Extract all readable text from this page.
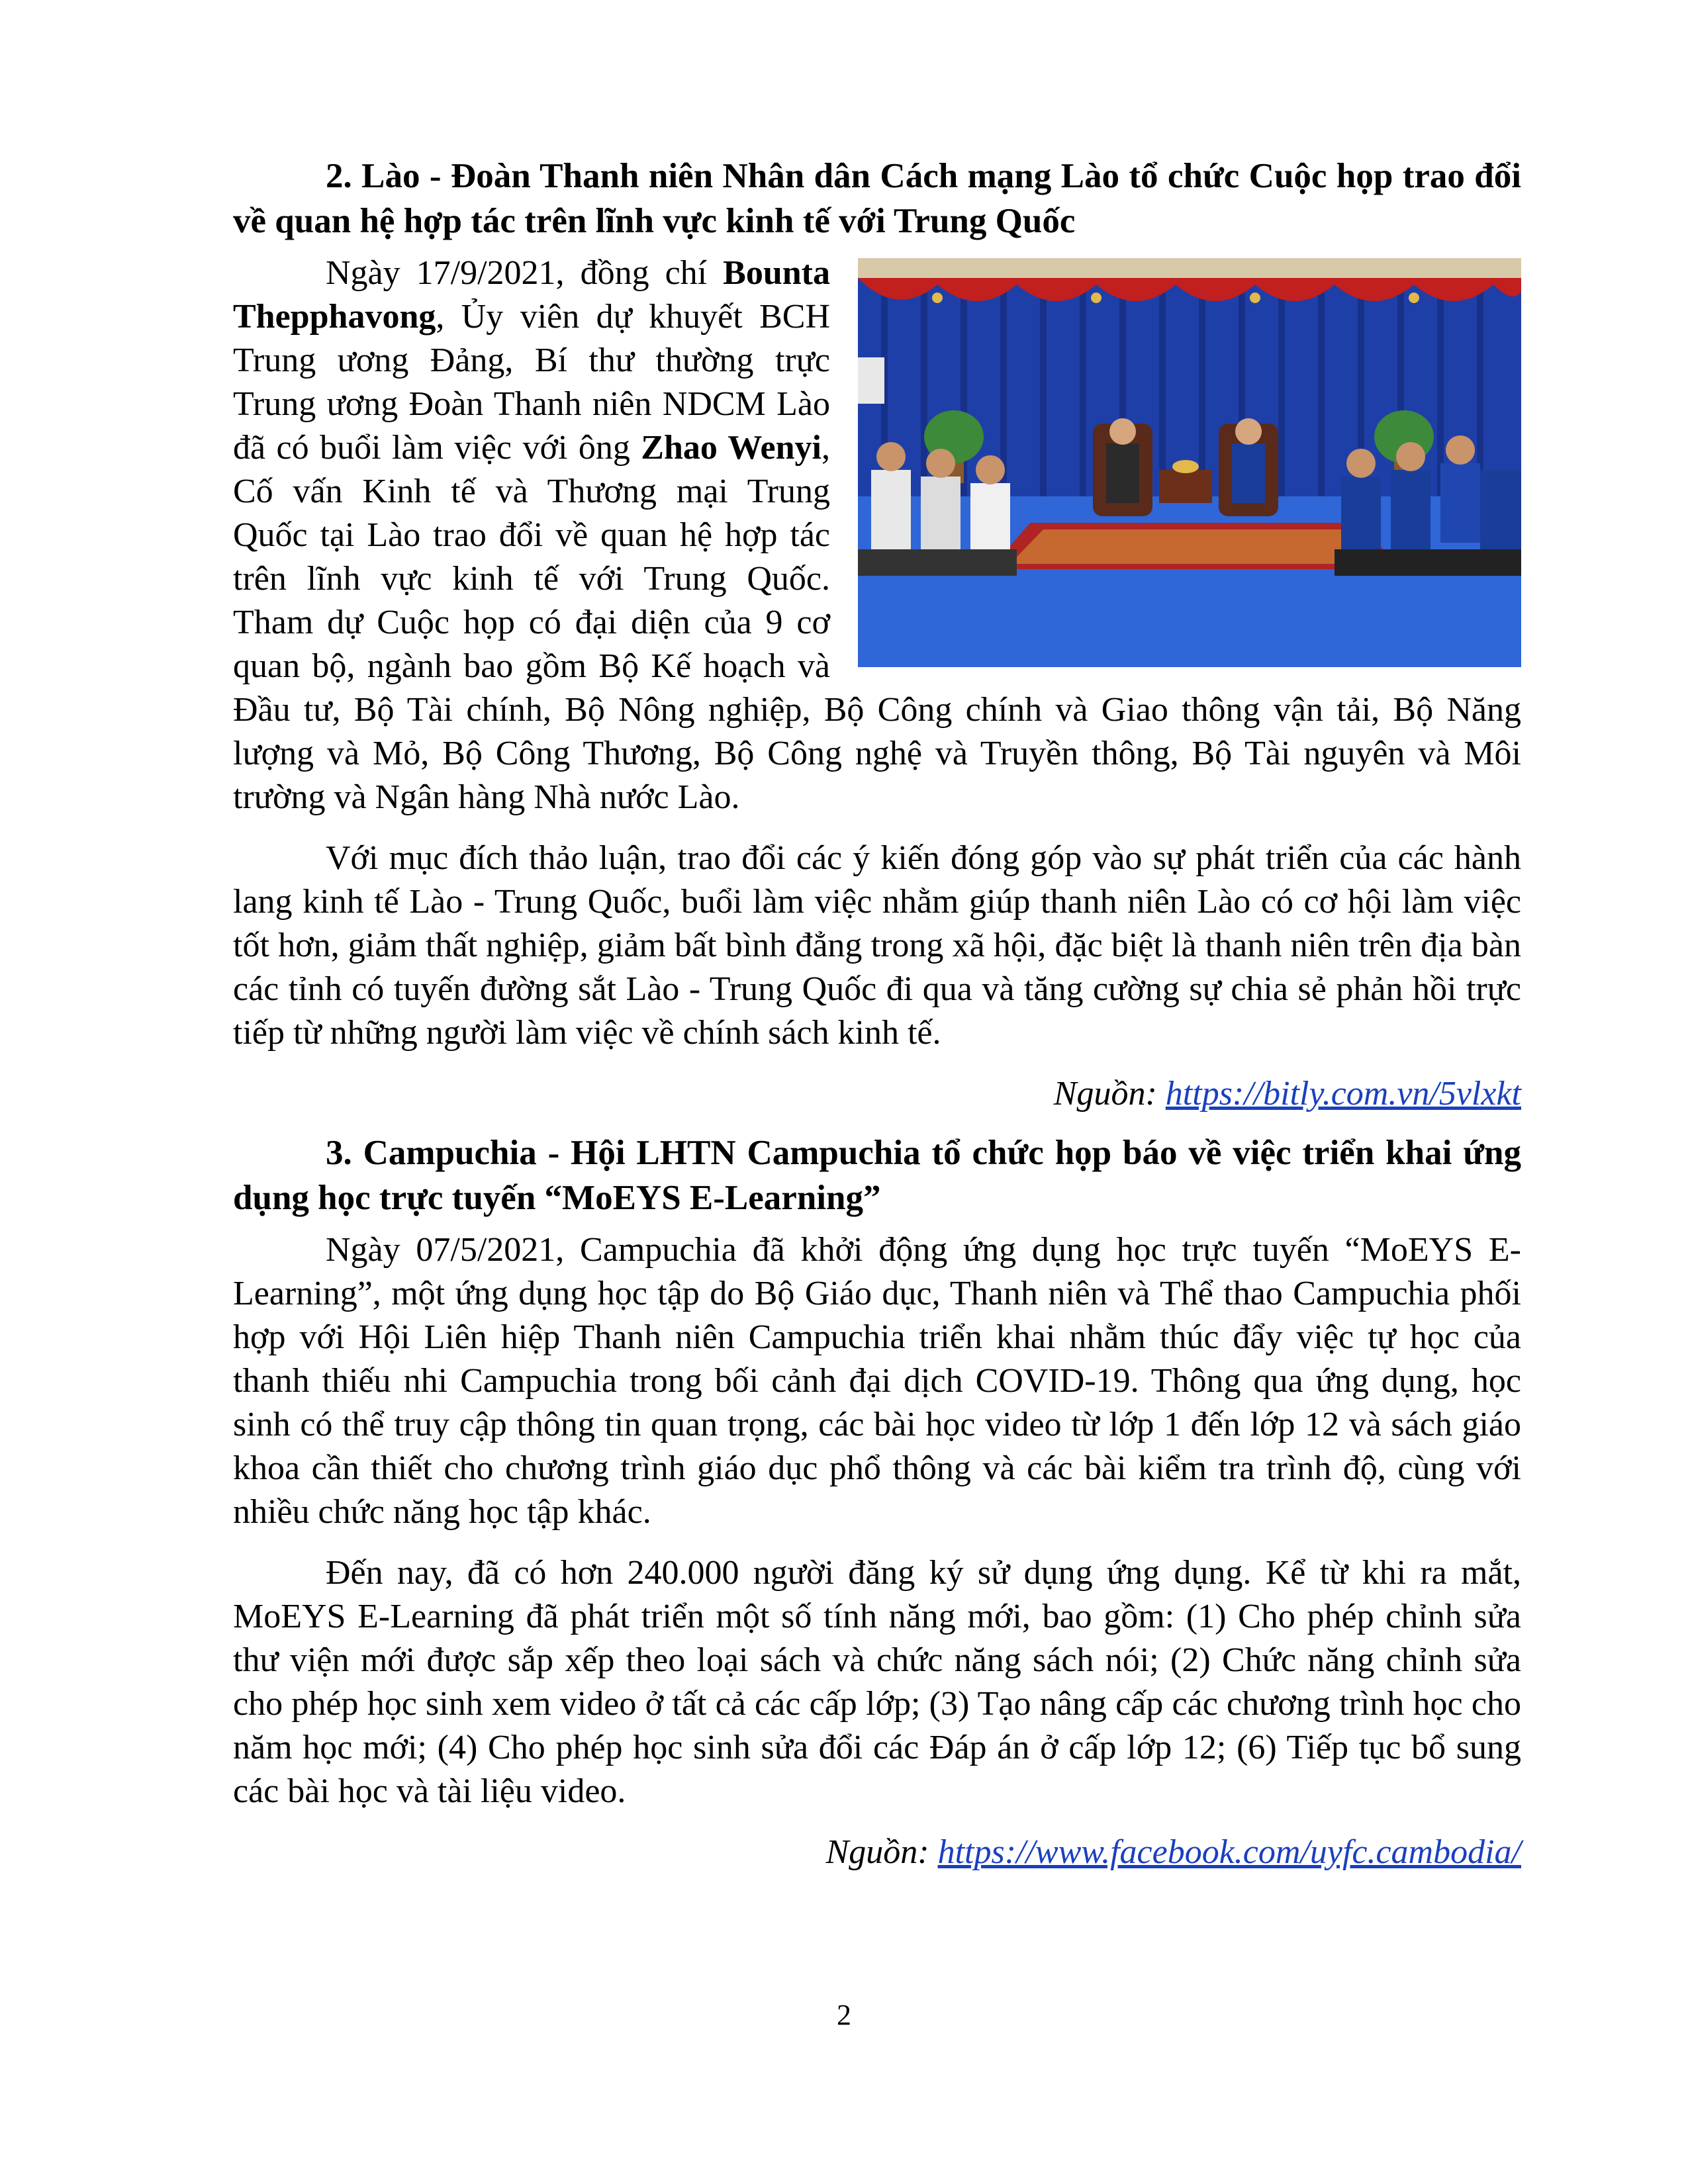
2. Lào - Đoàn Thanh niên Nhân dân Cách mạng Lào tổ chức Cuộc họp trao đổi về quan hệ hợp tác trên lĩnh vực kinh tế với Trung Quốc

Ngày 17/9/2021, đồng chí Bounta Thepphavong, Ủy viên dự khuyết BCH Trung ương Đảng, Bí thư thường trực Trung ương Đoàn Thanh niên NDCM Lào đã có buổi làm việc với ông Zhao Wenyi, Cố vấn Kinh tế và Thương mại Trung Quốc tại Lào trao đổi về quan hệ hợp tác trên lĩnh vực kinh tế với Trung Quốc. Tham dự Cuộc họp có đại diện của 9 cơ quan bộ, ngành bao gồm Bộ Kế hoạch và Đầu tư, Bộ Tài chính, Bộ Nông nghiệp, Bộ Công chính và Giao thông vận tải, Bộ Năng lượng và Mỏ, Bộ Công Thương, Bộ Công nghệ và Truyền thông, Bộ Tài nguyên và Môi trường và Ngân hàng Nhà nước Lào.

Với mục đích thảo luận, trao đổi các ý kiến đóng góp vào sự phát triển của các hành lang kinh tế Lào - Trung Quốc, buổi làm việc nhằm giúp thanh niên Lào có cơ hội làm việc tốt hơn, giảm thất nghiệp, giảm bất bình đẳng trong xã hội, đặc biệt là thanh niên trên địa bàn các tỉnh có tuyến đường sắt Lào - Trung Quốc đi qua và tăng cường sự chia sẻ phản hồi trực tiếp từ những người làm việc về chính sách kinh tế.

Nguồn: https://bitly.com.vn/5vlxkt
3. Campuchia - Hội LHTN Campuchia tổ chức họp báo về việc triển khai ứng dụng học trực tuyến “MoEYS E-Learning”

Ngày 07/5/2021, Campuchia đã khởi động ứng dụng học trực tuyến “MoEYS E-Learning”, một ứng dụng học tập do Bộ Giáo dục, Thanh niên và Thể thao Campuchia phối hợp với Hội Liên hiệp Thanh niên Campuchia triển khai nhằm thúc đẩy việc tự học của thanh thiếu nhi Campuchia trong bối cảnh đại dịch COVID-19. Thông qua ứng dụng, học sinh có thể truy cập thông tin quan trọng, các bài học video từ lớp 1 đến lớp 12 và sách giáo khoa cần thiết cho chương trình giáo dục phổ thông và các bài kiểm tra trình độ, cùng với nhiều chức năng học tập khác.

Đến nay, đã có hơn 240.000 người đăng ký sử dụng ứng dụng. Kể từ khi ra mắt, MoEYS E-Learning đã phát triển một số tính năng mới, bao gồm: (1) Cho phép chỉnh sửa thư viện mới được sắp xếp theo loại sách và chức năng sách nói; (2) Chức năng chỉnh sửa cho phép học sinh xem video ở tất cả các cấp lớp; (3) Tạo nâng cấp các chương trình học cho năm học mới; (4) Cho phép học sinh sửa đổi các Đáp án ở cấp lớp 12; (6) Tiếp tục bổ sung các bài học và tài liệu video.

Nguồn: https://www.facebook.com/uyfc.cambodia/
2
